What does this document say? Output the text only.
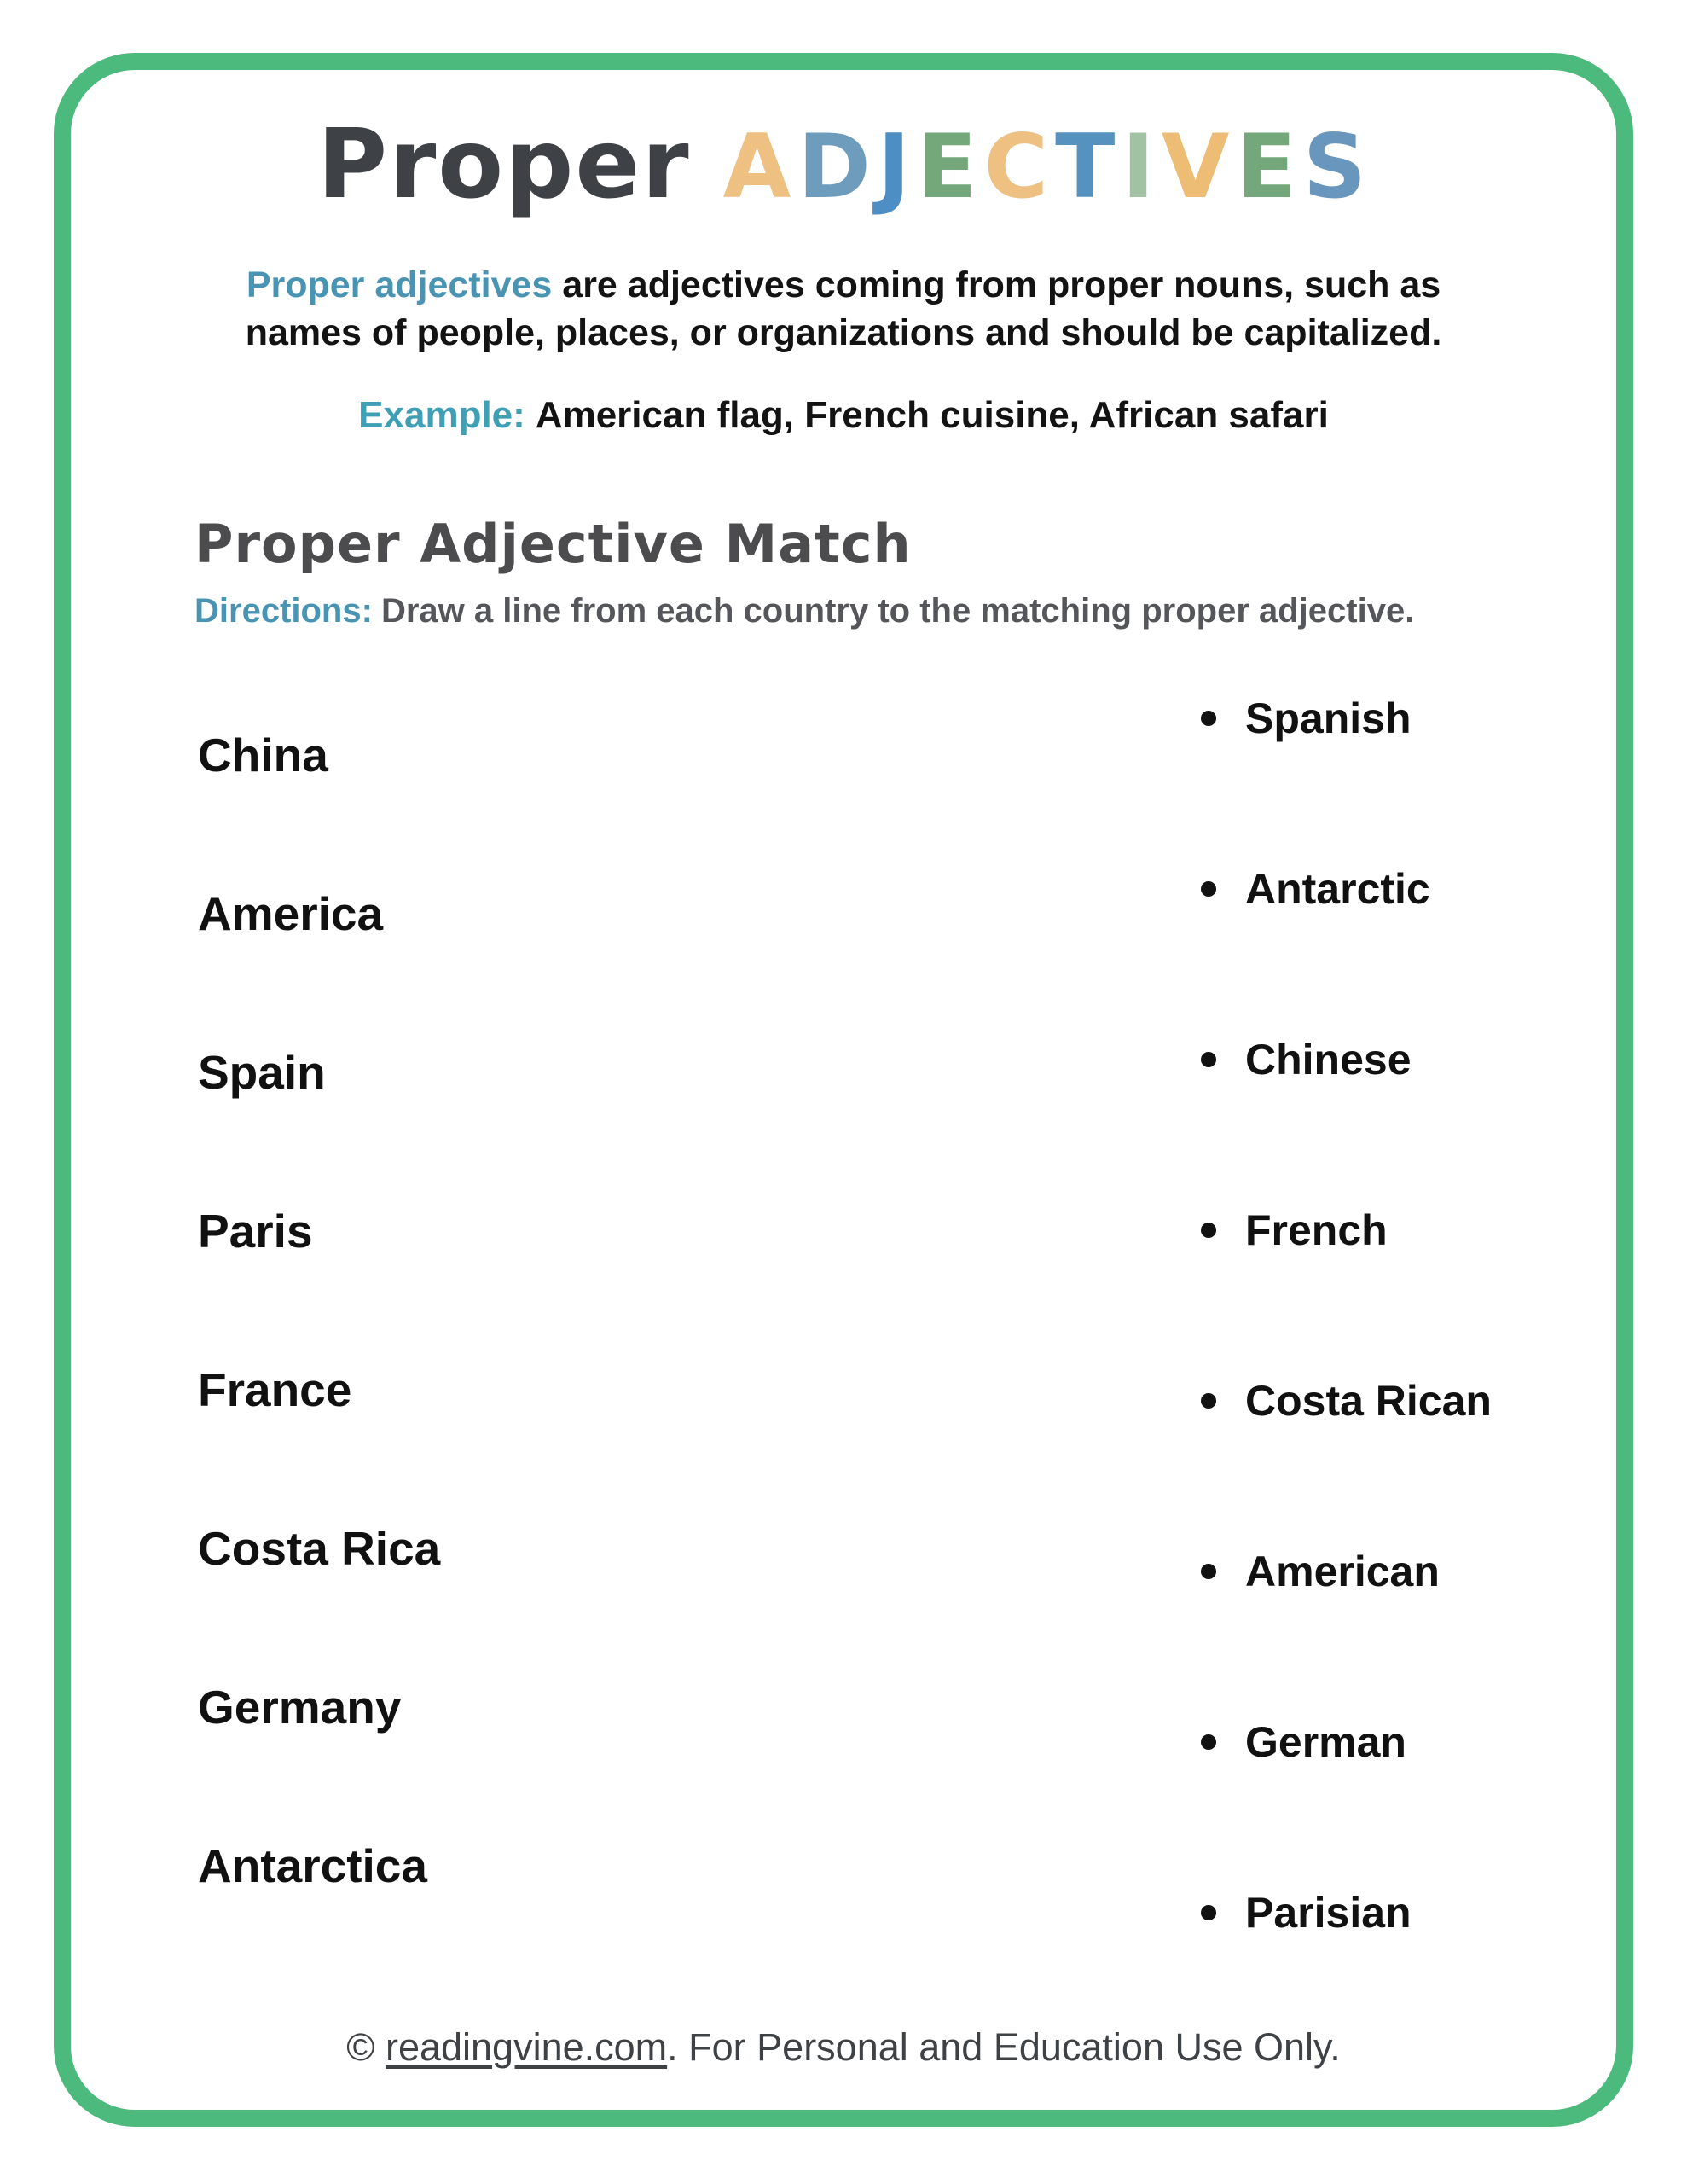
Proper ADJECTIVES

Proper adjectives are adjectives coming from proper nouns, such as
names of people, places, or organizations and should be capitalized.

Example: American flag, French cuisine, African safari

Proper Adjective Match

Directions: Draw a line from each country to the matching proper adjective.

China
America
Spain
Paris
France
Costa Rica
Germany
Antarctica
Spanish
Antarctic
Chinese
French
Costa Rican
American
German
Parisian

© readingvine.com. For Personal and Education Use Only.
